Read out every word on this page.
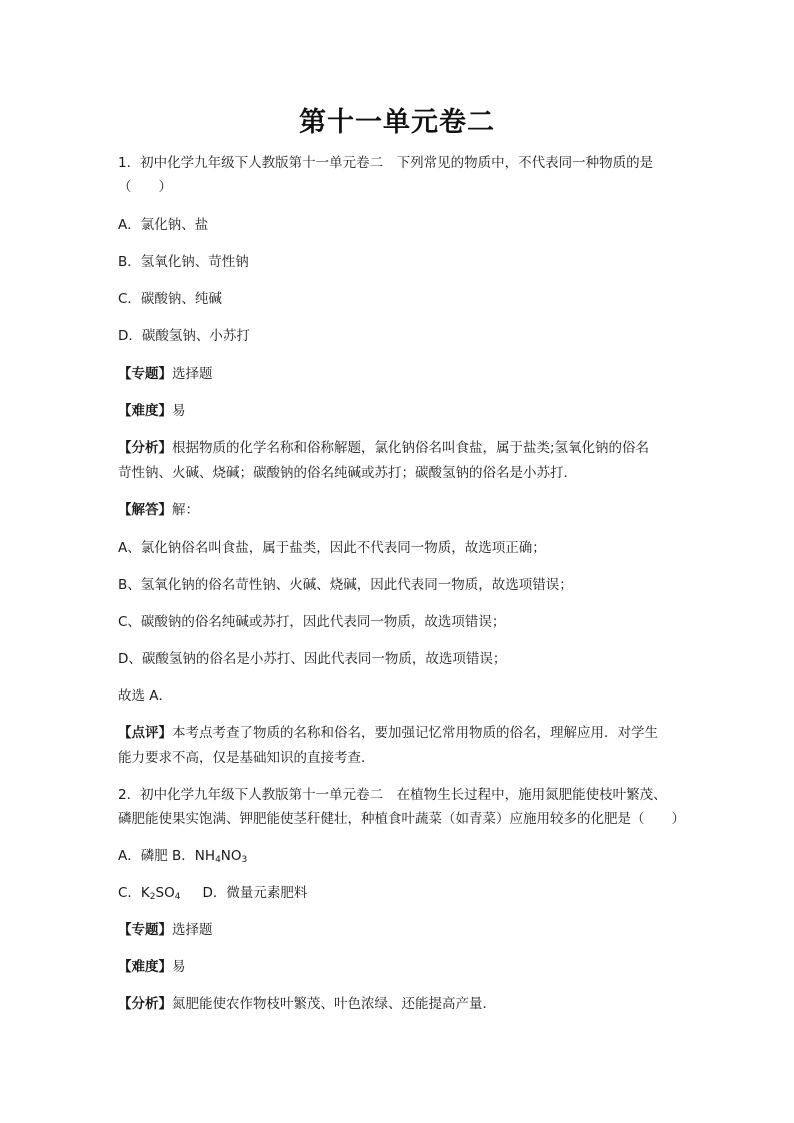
第十一单元卷二
1．初中化学九年级下人教版第十一单元卷二　下列常见的物质中，不代表同一种物质的是
（　　）
A．氯化钠、盐
B．氢氧化钠、苛性钠
C．碳酸钠、纯碱
D．碳酸氢钠、小苏打
【专题】选择题
【难度】易
【分析】根据物质的化学名称和俗称解题，氯化钠俗名叫食盐，属于盐类;氢氧化钠的俗名
苛性钠、火碱、烧碱；碳酸钠的俗名纯碱或苏打；碳酸氢钠的俗名是小苏打．
【解答】解：
A、氯化钠俗名叫食盐，属于盐类，因此不代表同一物质，故选项正确；
B、氢氧化钠的俗名苛性钠、火碱、烧碱，因此代表同一物质，故选项错误；
C、碳酸钠的俗名纯碱或苏打，因此代表同一物质，故选项错误；
D、碳酸氢钠的俗名是小苏打、因此代表同一物质，故选项错误；
故选 A．
【点评】本考点考查了物质的名称和俗名，要加强记忆常用物质的俗名，理解应用．对学生
能力要求不高，仅是基础知识的直接考查．
2．初中化学九年级下人教版第十一单元卷二　在植物生长过程中，施用氮肥能使枝叶繁茂、
磷肥能使果实饱满、钾肥能使茎秆健壮，种植食叶蔬菜（如青菜）应施用较多的化肥是（　　）
A．磷肥 B．$NH_4NO_3$
C．$K_2SO_4$ D．微量元素肥料
【专题】选择题
【难度】易
【分析】氮肥能使农作物枝叶繁茂、叶色浓绿、还能提高产量．
